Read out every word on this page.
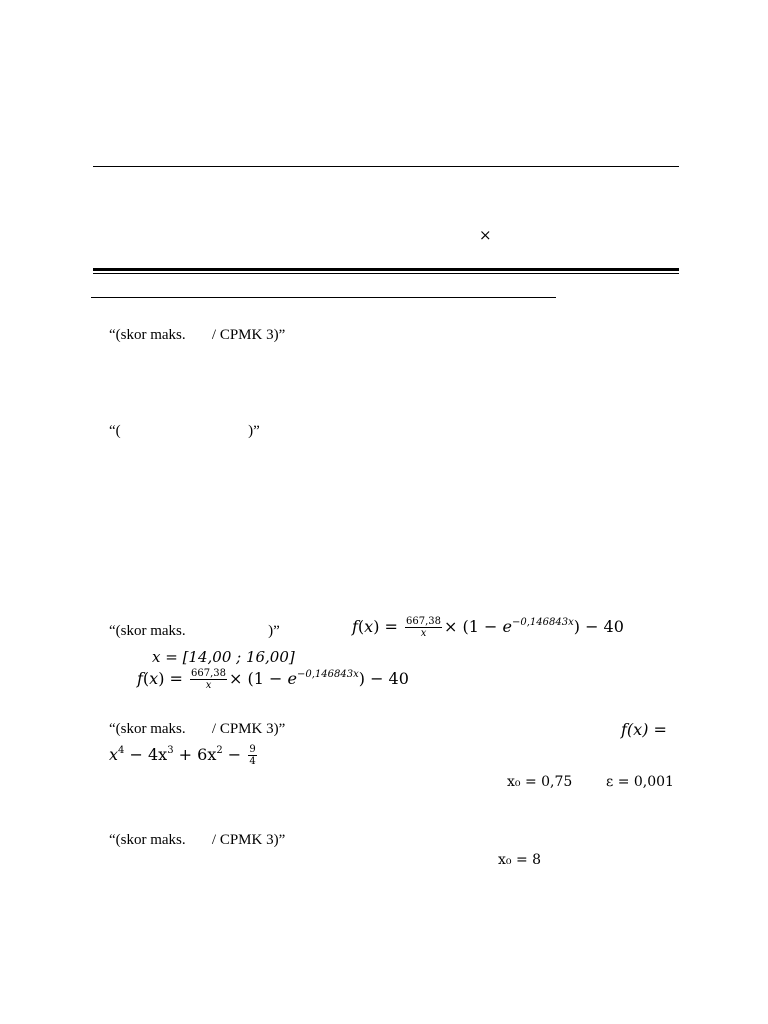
×
“(skor maks.       / CPMK 3)”
“(                                  )”
“(skor maks.                      )”	$f(x) = \frac{667,38}{x} \times (1 - e^{-0,146843x}) - 40$
x = [14,00 ; 16,00]
$f(x) = \frac{667,38}{x} \times (1 - e^{-0,146843x}) - 40$
“(skor maks.       / CPMK 3)”	f(x) =
$x^4 - 4x^3 + 6x^2 - \frac{9}{4}$
x₀ = 0,75 ε = 0,001
“(skor maks.       / CPMK 3)”
x₀ = 8
